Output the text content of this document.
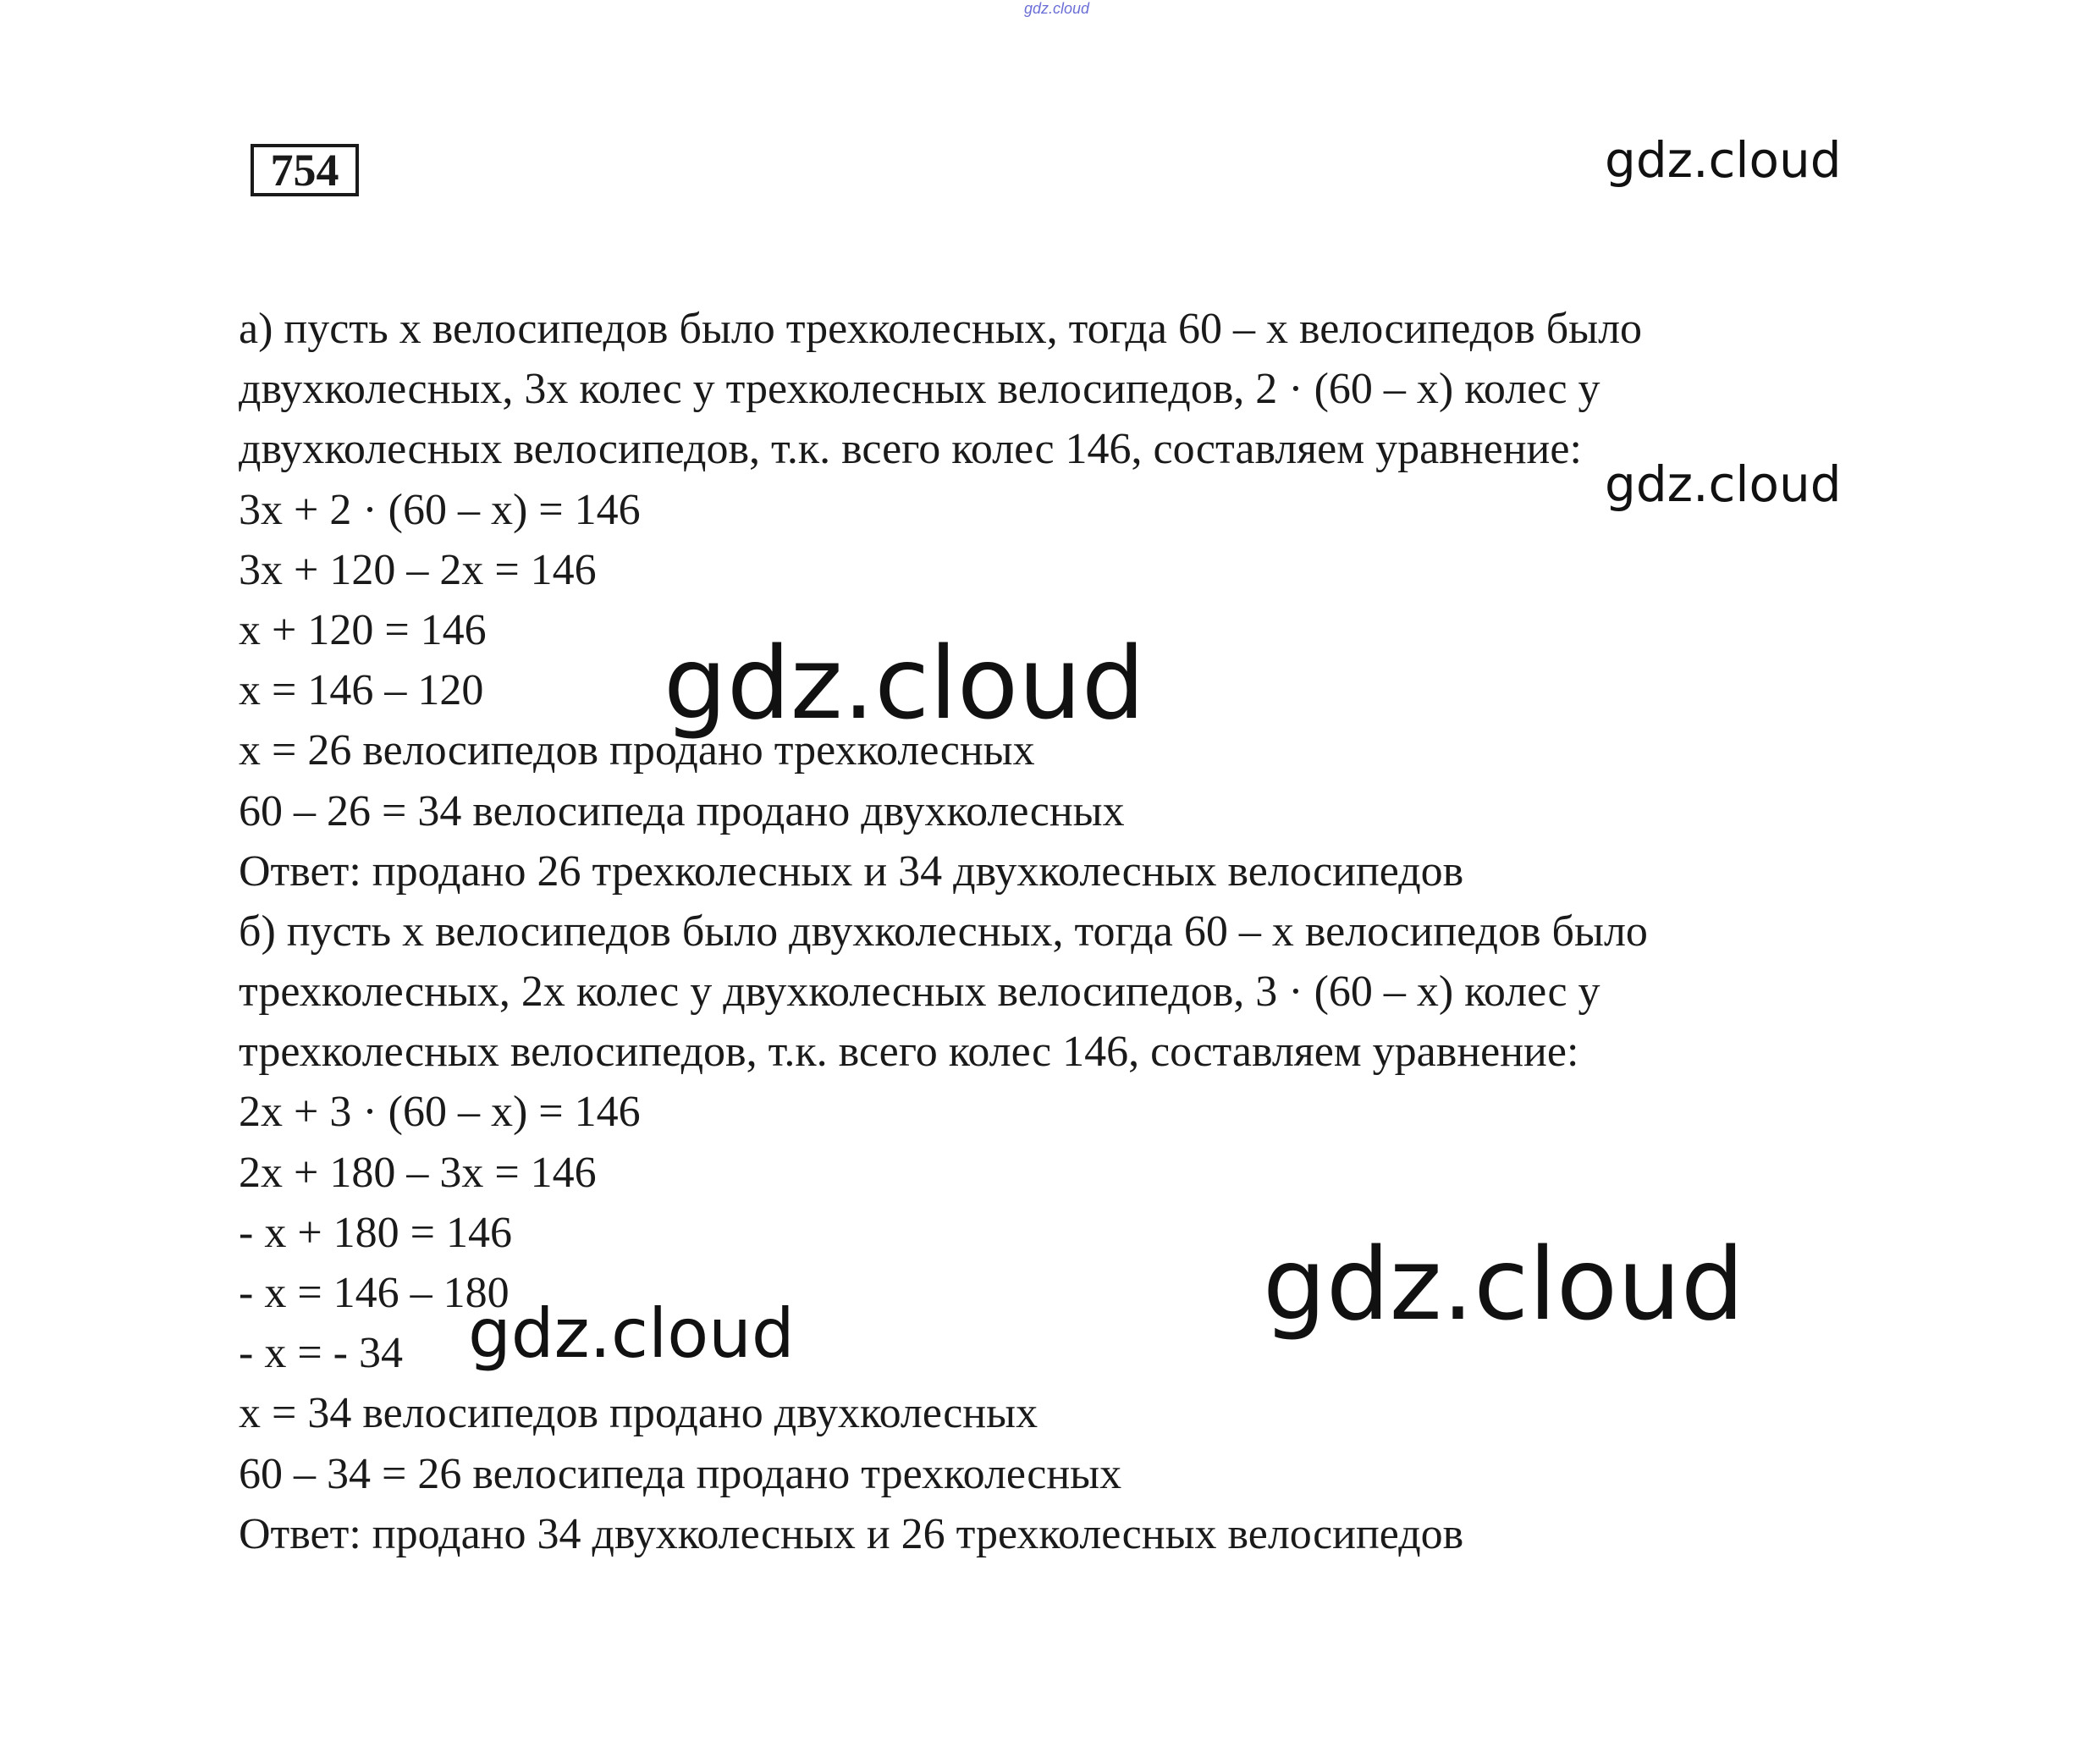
gdz.cloud
754
а) пусть х велосипедов было трехколесных, тогда 60 – х велосипедов было
двухколесных, 3х колес у трехколесных велосипедов, 2 · (60 – х) колес у
двухколесных велосипедов, т.к. всего колес 146, составляем уравнение:
3х + 2 · (60 – х) = 146
3х + 120 – 2х = 146
х + 120 = 146
х = 146 – 120
х = 26 велосипедов продано трехколесных
60 – 26 = 34 велосипеда продано двухколесных
Ответ: продано 26 трехколесных и 34 двухколесных велосипедов
б) пусть х велосипедов было двухколесных, тогда 60 – х велосипедов было
трехколесных, 2х колес у двухколесных велосипедов, 3 · (60 – х) колес у
трехколесных велосипедов, т.к. всего колес 146, составляем уравнение:
2х + 3 · (60 – х) = 146
2х + 180 – 3х = 146
- х + 180 = 146
- х = 146 – 180
- х = - 34
х = 34 велосипедов продано двухколесных
60 – 34 = 26 велосипеда продано трехколесных
Ответ: продано 34 двухколесных и 26 трехколесных велосипедов
gdz.cloud
gdz.cloud
gdz.cloud
gdz.cloud
gdz.cloud
